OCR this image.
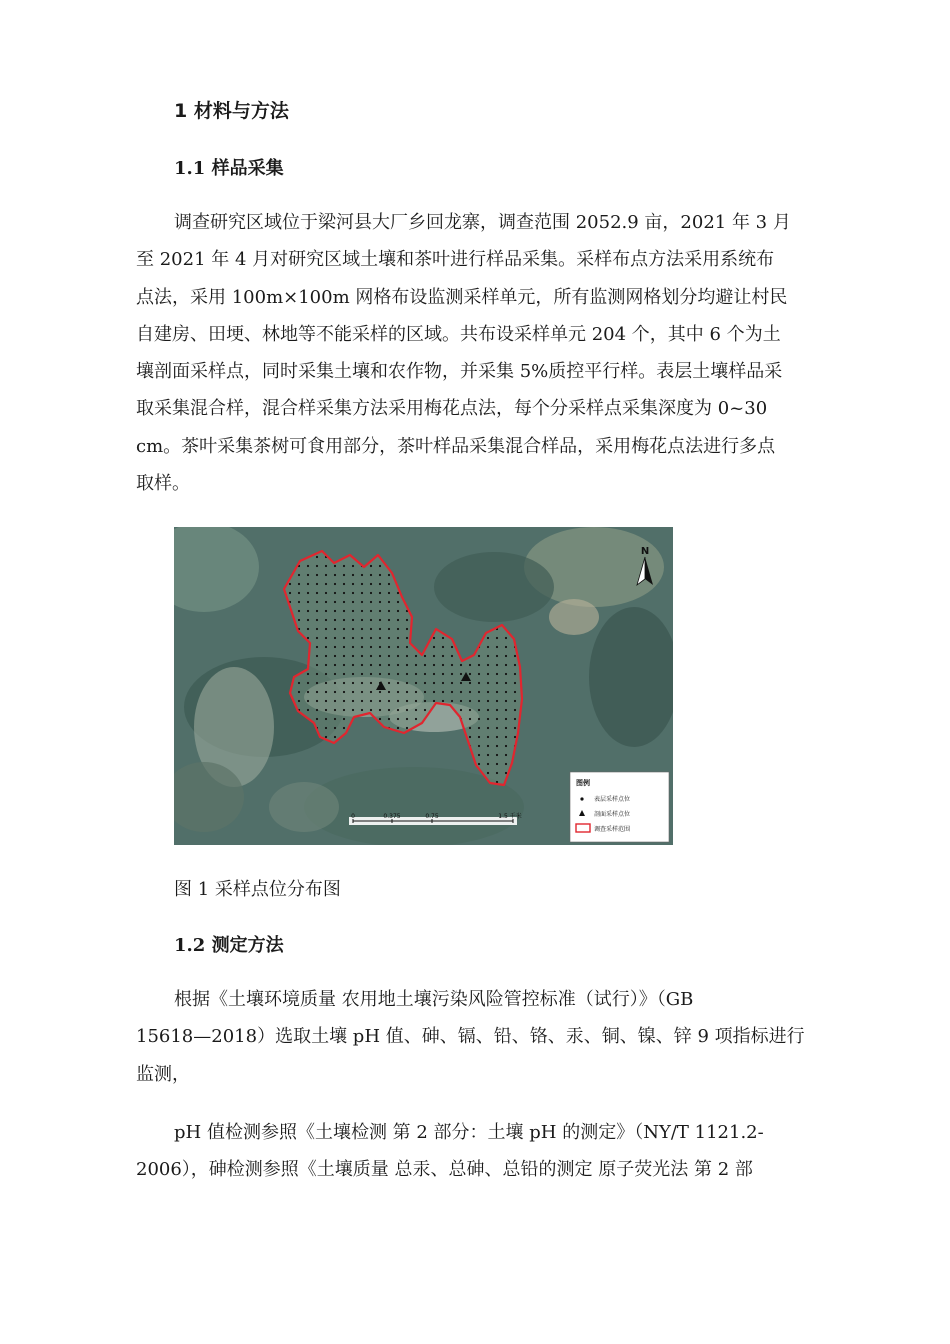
1 材料与方法
1.1 样品采集

调查研究区域位于梁河县大厂乡回龙寨，调查范围 2052.9 亩，2021 年 3 月
至 2021 年 4 月对研究区域土壤和茶叶进行样品采集。采样布点方法采用系统布
点法，采用 100m×100m 网格布设监测采样单元，所有监测网格划分均避让村民
自建房、田埂、林地等不能采样的区域。共布设采样单元 204 个，其中 6 个为土
壤剖面采样点，同时采集土壤和农作物，并采集 5%质控平行样。表层土壤样品采
取采集混合样，混合样采集方法采用梅花点法，每个分采样点采集深度为 0~30
cm。茶叶采集茶树可食用部分，茶叶样品采集混合样品，采用梅花点法进行多点
取样。

N
0	0.375	0.75	1.5 千米
图例
表层采样点位
剖面采样点位
调查采样范围

图 1 采样点位分布图

1.2 测定方法

根据《土壤环境质量 农用地土壤污染风险管控标准（试行）》（GB
15618—2018）选取土壤 pH 值、砷、镉、铅、铬、汞、铜、镍、锌 9 项指标进行
监测，

pH 值检测参照《土壤检测 第 2 部分：土壤 pH 的测定》（NY/T 1121.2-
2006），砷检测参照《土壤质量 总汞、总砷、总铅的测定 原子荧光法 第 2 部
